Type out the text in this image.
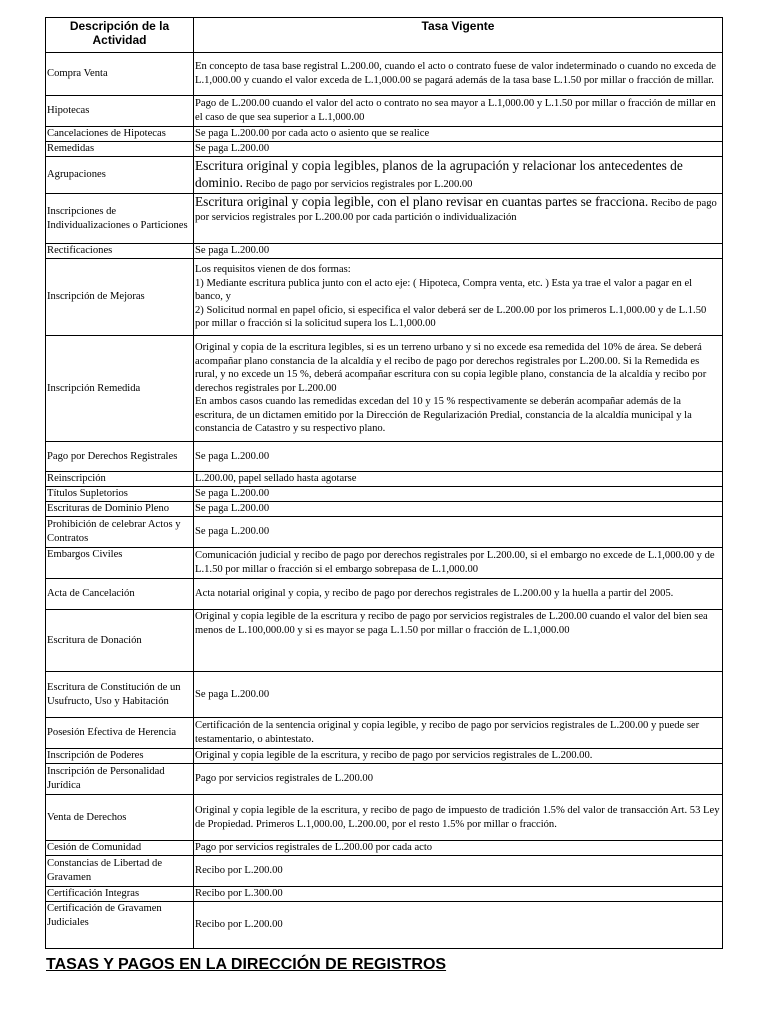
Descripción de la Actividad	Tasa Vigente
Compra Venta	En concepto de tasa base registral L.200.00, cuando el acto o contrato fuese de valor indeterminado o cuando no exceda de L.1,000.00 y cuando el valor exceda de L.1,000.00 se pagará además de la tasa base L.1.50 por millar o fracción de millar.
Hipotecas	Pago de L.200.00 cuando el valor del acto o contrato no sea mayor a L.1,000.00 y L.1.50 por millar o fracción de millar en el caso de que sea superior a L.1,000.00
Cancelaciones de Hipotecas	Se paga L.200.00 por cada acto o asiento que se realice
Remedidas	Se paga L.200.00
Agrupaciones	Escritura original y copia legibles, planos de la agrupación y relacionar los antecedentes de dominio. Recibo de pago por servicios registrales por L.200.00
Inscripciones de Individualizaciones o Particiones	Escritura original y copia legible, con el plano revisar en cuantas partes se fracciona. Recibo de pago por servicios registrales por L.200.00 por cada partición o individualización
Rectificaciones	Se paga L.200.00
Inscripción de Mejoras	Los requisitos vienen de dos formas:
1) Mediante escritura publica junto con el acto eje: ( Hipoteca, Compra venta, etc. ) Esta ya trae el valor a pagar en el banco, y
2) Solicitud normal en papel oficio, si especifica el valor deberá ser de L.200.00 por los primeros L.1,000.00 y de L.1.50 por millar o fracción si la solicitud supera los L.1,000.00

Inscripción Remedida	Original y copia de la escritura legibles, si es un terreno urbano y si no excede esa remedida del 10% de área. Se deberá acompañar plano constancia de la alcaldía y el recibo de pago por derechos registrales por L.200.00. Si la Remedida es rural, y no excede un 15 %, deberá acompañar escritura con su copia legible plano, constancia de la alcaldía y recibo por derechos registrales por L.200.00
En ambos casos cuando las remedidas excedan del 10 y 15 % respectivamente se deberán acompañar además de la escritura, de un dictamen emitido por la Dirección de Regularización Predial, constancia de la alcaldía municipal y la constancia de Catastro y su respectivo plano.

Pago por Derechos Registrales	Se paga L.200.00
Reinscripción	L.200.00, papel sellado hasta agotarse
Títulos Supletorios	Se paga L.200.00
Escrituras de Dominio Pleno	Se paga L.200.00
Prohibición de celebrar Actos y Contratos	Se paga L.200.00
Embargos Civiles	Comunicación judicial y recibo de pago por derechos registrales por L.200.00, si el embargo no excede de L.1,000.00 y de L.1.50 por millar o fracción si el embargo sobrepasa de L.1,000.00
Acta de Cancelación	Acta notarial original y copia, y recibo de pago por derechos registrales de L.200.00 y la huella a partir del 2005.
Escritura de Donación	Original y copia legible de la escritura y recibo de pago por servicios registrales de L.200.00 cuando el valor del bien sea menos de L.100,000.00 y si es mayor se paga L.1.50 por millar o fracción de L.1,000.00
Escritura de Constitución de un Usufructo, Uso y Habitación	Se paga L.200.00
Posesión Efectiva de Herencia	Certificación de la sentencia original y copia legible, y recibo de pago por servicios registrales de L.200.00 y puede ser testamentario, o abintestato.
Inscripción de Poderes	Original y copia legible de la escritura, y recibo de pago por servicios registrales de L.200.00.
Inscripción de Personalidad Jurídica	Pago por servicios registrales de L.200.00
Venta de Derechos	Original y copia legible de la escritura, y recibo de pago de impuesto de tradición 1.5% del valor de transacción Art. 53 Ley de Propiedad. Primeros L.1,000.00, L.200.00, por el resto 1.5% por millar o fracción.
Cesión de Comunidad	Pago por servicios registrales de L.200.00 por cada acto
Constancias de Libertad de Gravamen	Recibo por L.200.00
Certificación Integras	Recibo por L.300.00
Certificación de Gravamen Judiciales	Recibo por L.200.00
TASAS Y PAGOS EN LA DIRECCIÓN DE REGISTROS
